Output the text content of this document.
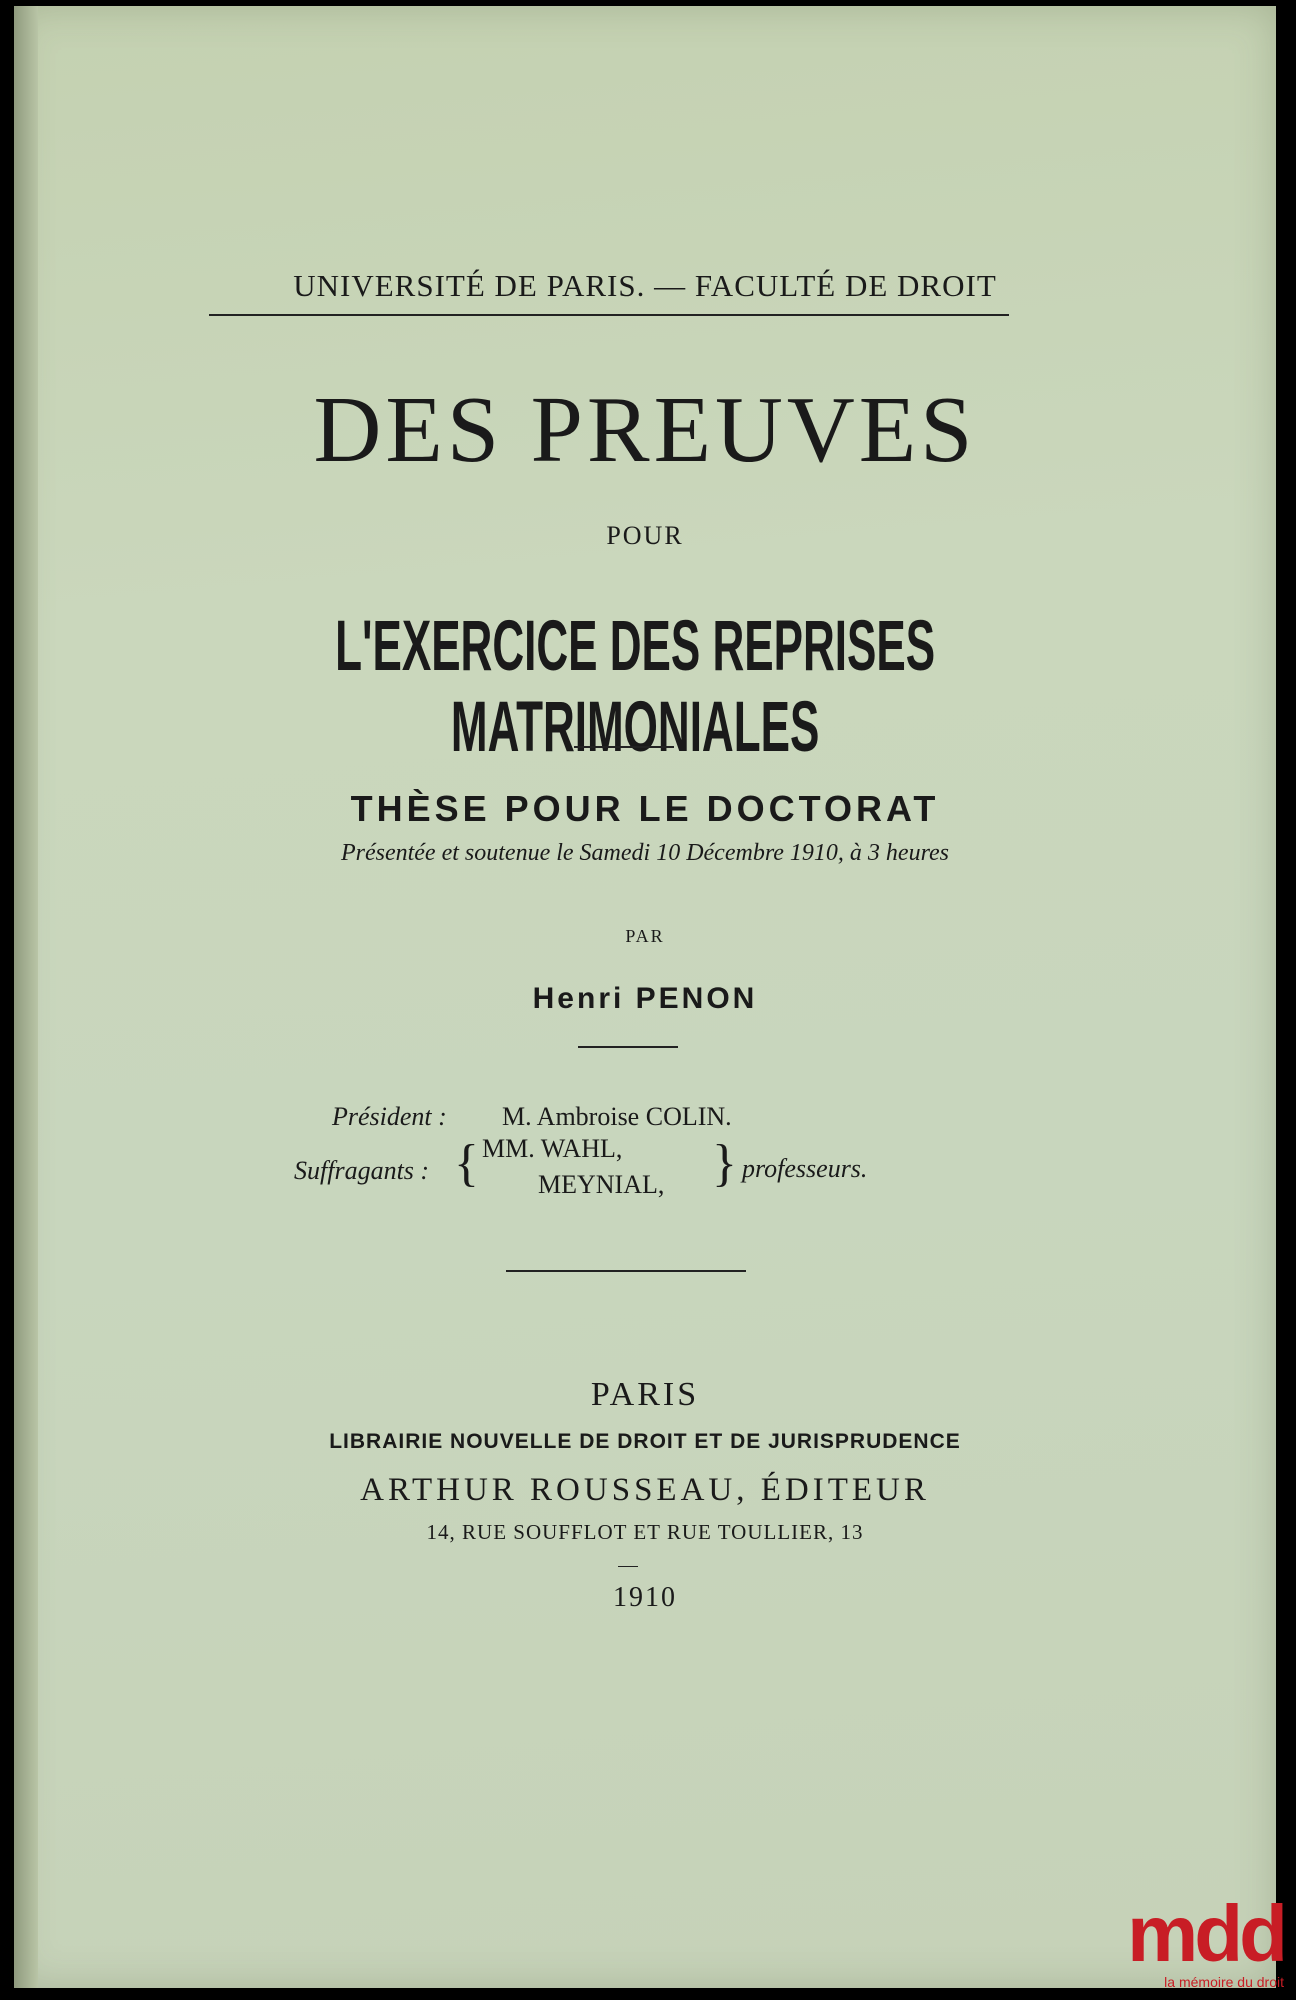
UNIVERSITÉ DE PARIS. — FACULTÉ DE DROIT
DES PREUVES
POUR
L'EXERCICE DES REPRISES MATRIMONIALES
THÈSE POUR LE DOCTORAT
Présentée et soutenue le Samedi 10 Décembre 1910, à 3 heures
PAR
Henri PENON
Président : M. Ambroise COLIN.
Suffragants : { MM. WAHL,
MEYNIAL, } professeurs.
PARIS
LIBRAIRIE NOUVELLE DE DROIT ET DE JURISPRUDENCE
ARTHUR ROUSSEAU, ÉDITEUR
14, RUE SOUFFLOT ET RUE TOULLIER, 13
1910
mdd
la mémoire du droit
